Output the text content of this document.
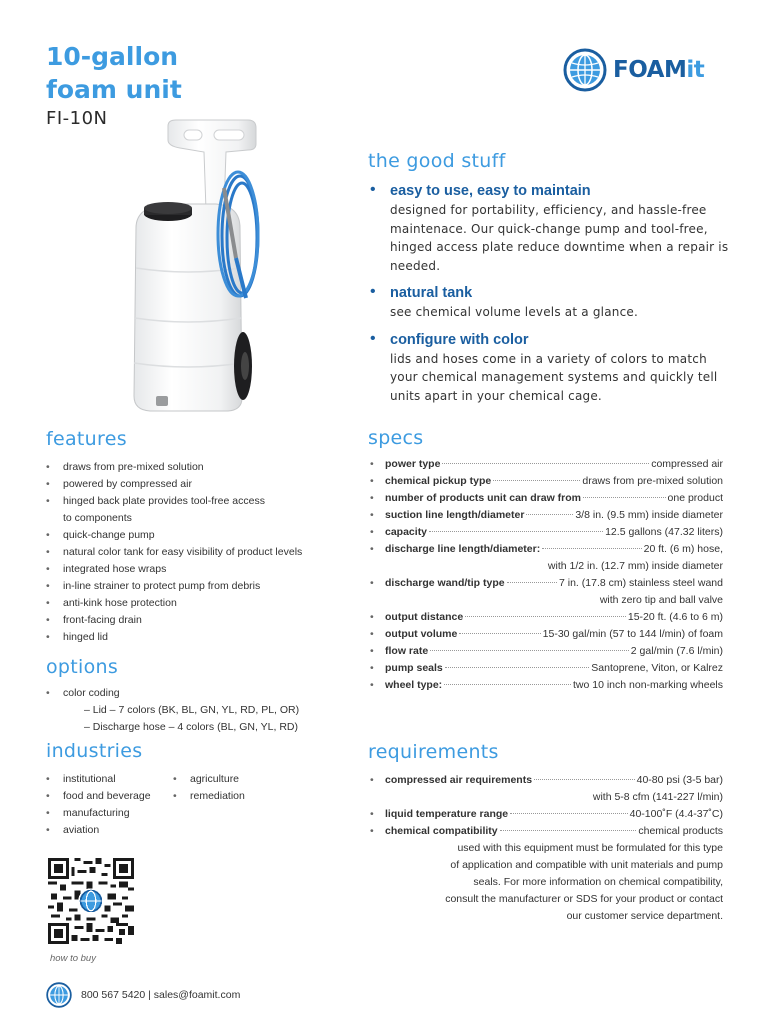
10-gallon
foam unit
FI-10N
FOAMit
the good stuff
• easy to use, easy to maintain
designed for portability, efficiency, and hassle-free maintenace. Our quick-change pump and tool-free, hinged access plate reduce downtime when a repair is needed.
• natural tank
see chemical volume levels at a glance.
• configure with color
lids and hoses come in a variety of colors to match your chemical management systems and quickly tell units apart in your chemical cage.
features
• draws from pre-mixed solution
• powered by compressed air
• hinged back plate provides tool-free access
to components
• quick-change pump
• natural color tank for easy visibility of product levels
• integrated hose wraps
• in-line strainer to protect pump from debris
• anti-kink hose protection
• front-facing drain
• hinged lid
options
• color coding
– Lid – 7 colors (BK, BL, GN, YL, RD, PL, OR)
– Discharge hose – 4 colors (BL, GN, YL, RD)
industries
• institutional
• food and beverage
• manufacturing
• aviation
• agriculture
• remediation
specs
• power type	compressed air
• chemical pickup type	draws from pre-mixed solution
• number of products unit can draw from	one product
• suction line length/diameter	3/8 in. (9.5 mm) inside diameter
• capacity	12.5 gallons (47.32 liters)
• discharge line length/diameter:	20 ft. (6 m) hose,
with 1/2 in. (12.7 mm) inside diameter
• discharge wand/tip type	7 in. (17.8 cm) stainless steel wand
with zero tip and ball valve
• output distance	15-20 ft. (4.6 to 6 m)
• output volume	15-30 gal/min (57 to 144 l/min) of foam
• flow rate	2 gal/min (7.6 l/min)
• pump seals	Santoprene, Viton, or Kalrez
• wheel type:	two 10 inch non-marking wheels
requirements
• compressed air requirements	40-80 psi (3-5 bar)
with 5-8 cfm (141-227 l/min)
• liquid temperature range	40-100˚F (4.4-37˚C)
• chemical compatibility	chemical products
used with this equipment must be formulated for this type
of application and compatible with unit materials and pump
seals. For more information on chemical compatibility,
consult the manufacturer or SDS for your product or contact
our customer service department.
how to buy
800 567 5420 | sales@foamit.com
